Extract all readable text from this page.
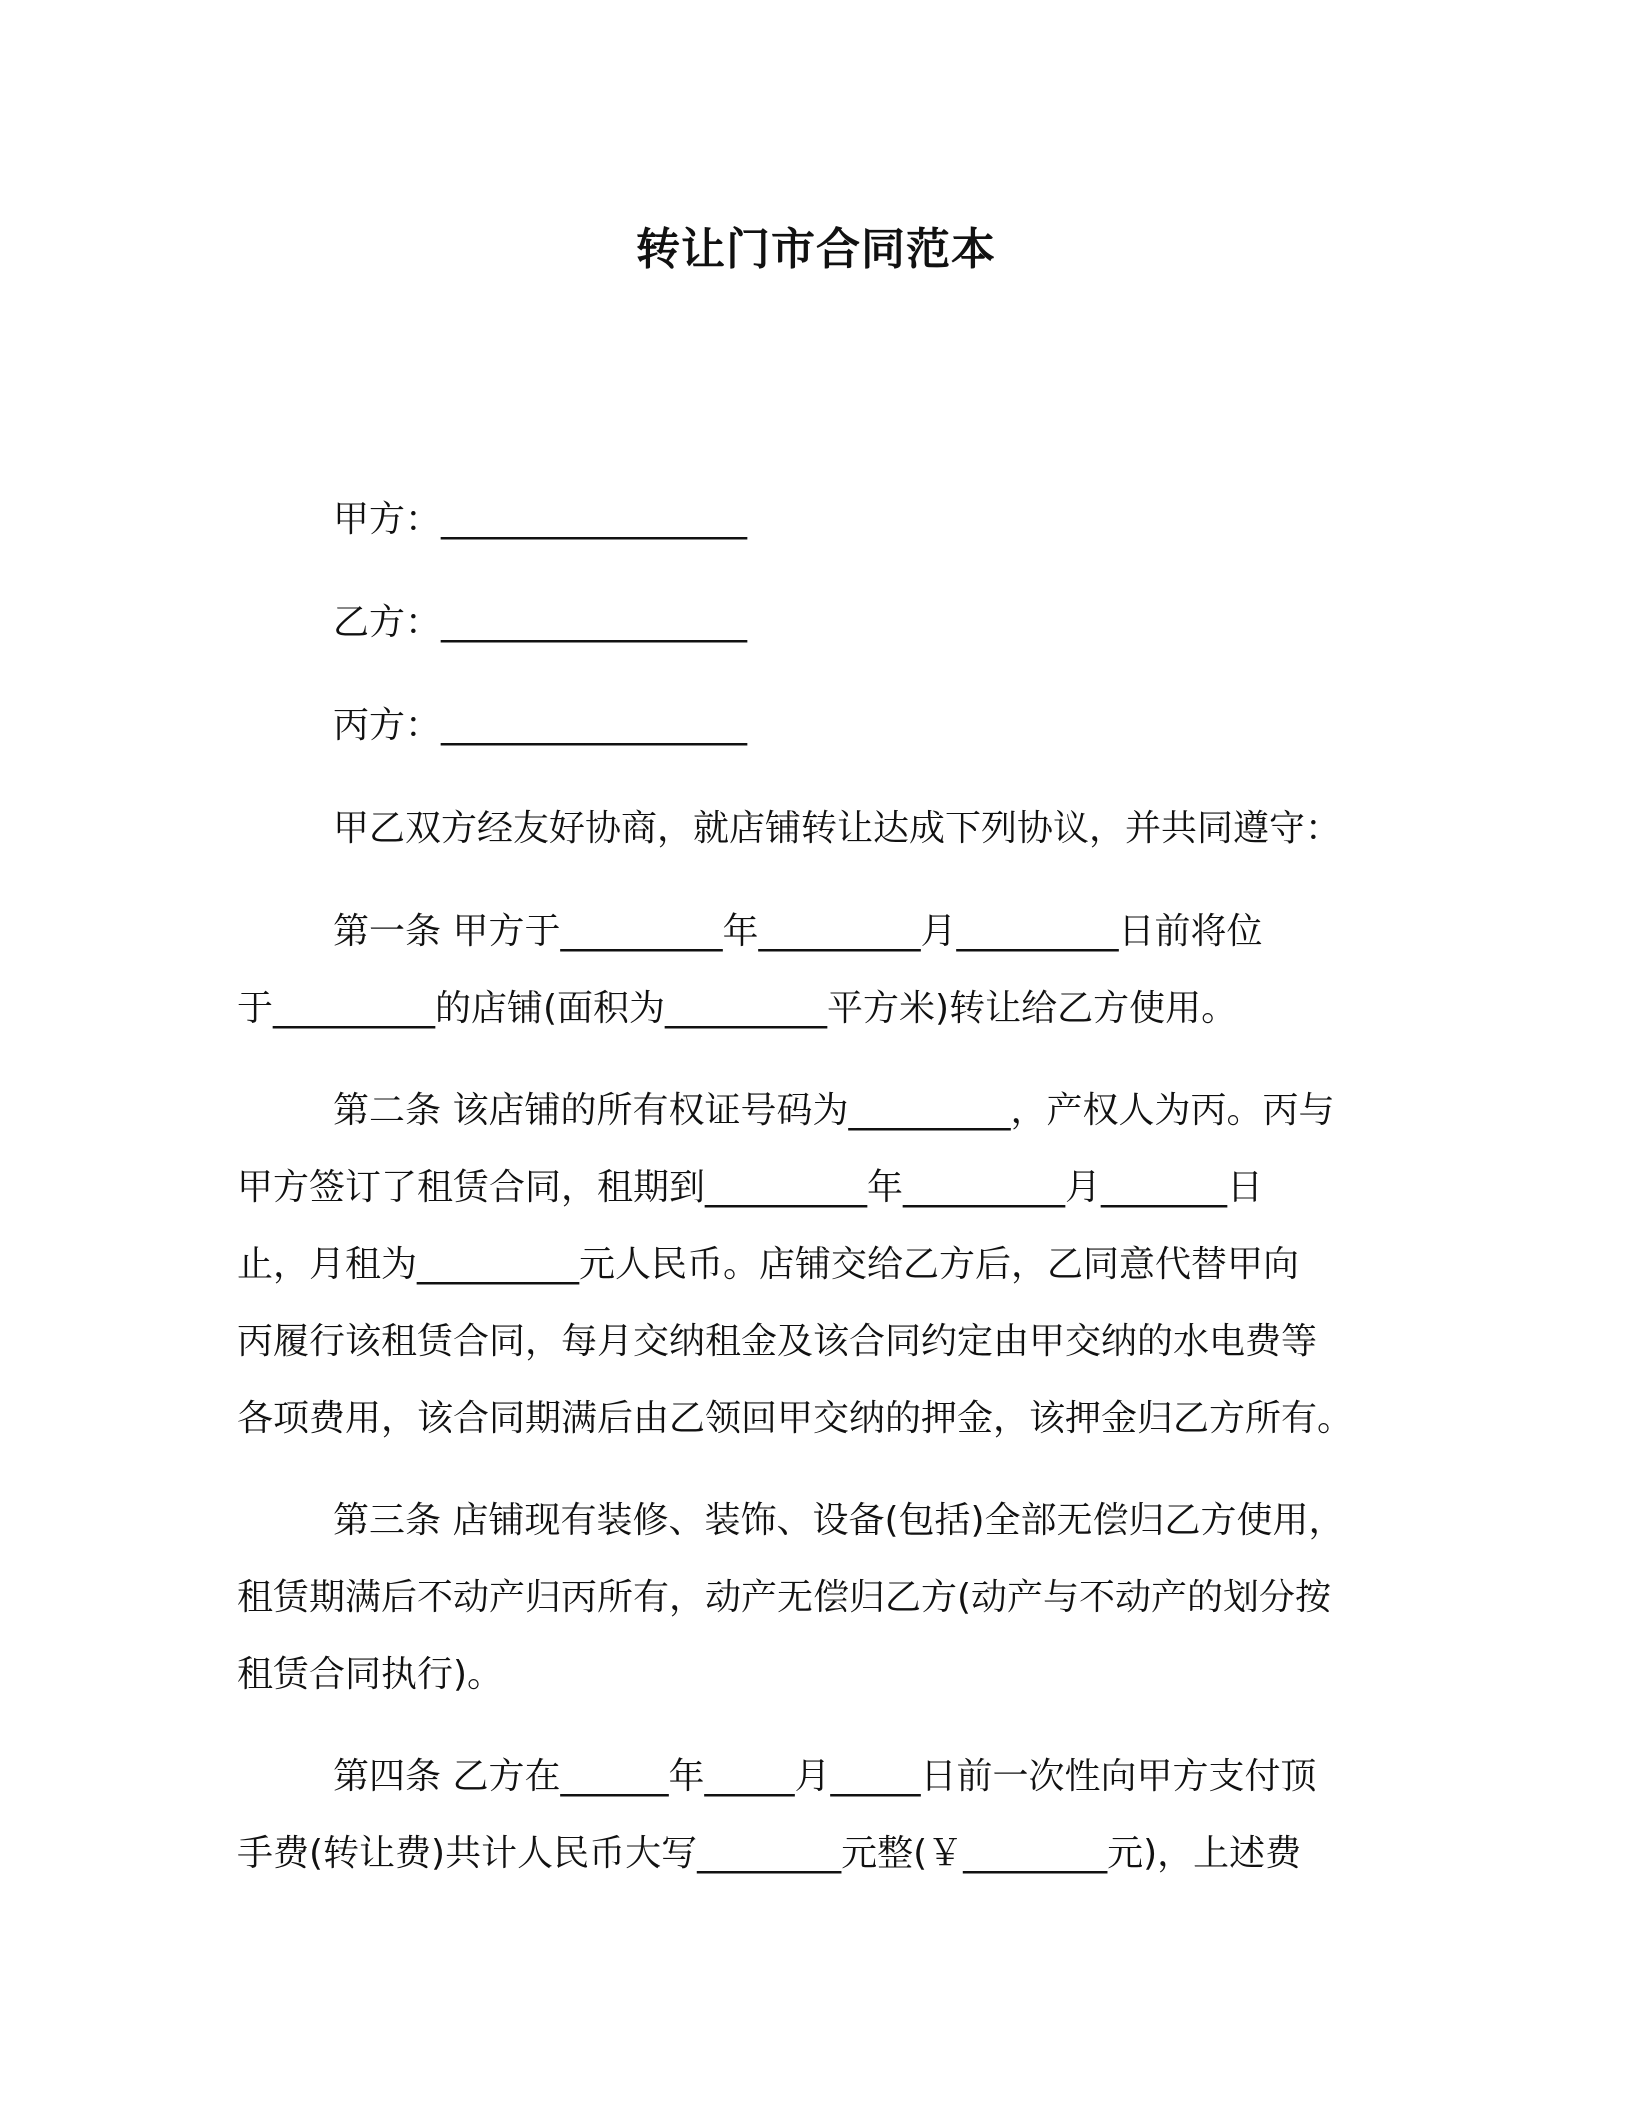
转让门市合同范本
甲方：_________________
乙方：_________________
丙方：_________________
甲乙双方经友好协商，就店铺转让达成下列协议，并共同遵守：
第一条 甲方于_________年_________月_________日前将位
于_________的店铺(面积为_________平方米)转让给乙方使用。
第二条 该店铺的所有权证号码为_________，产权人为丙。丙与
甲方签订了租赁合同，租期到_________年_________月_______日
止，月租为_________元人民币。店铺交给乙方后，乙同意代替甲向
丙履行该租赁合同，每月交纳租金及该合同约定由甲交纳的水电费等
各项费用，该合同期满后由乙领回甲交纳的押金，该押金归乙方所有。
第三条 店铺现有装修、装饰、设备(包括)全部无偿归乙方使用，
租赁期满后不动产归丙所有，动产无偿归乙方(动产与不动产的划分按
租赁合同执行)。
第四条 乙方在______年_____月_____日前一次性向甲方支付顶
手费(转让费)共计人民币大写________元整(￥________元)，上述费
